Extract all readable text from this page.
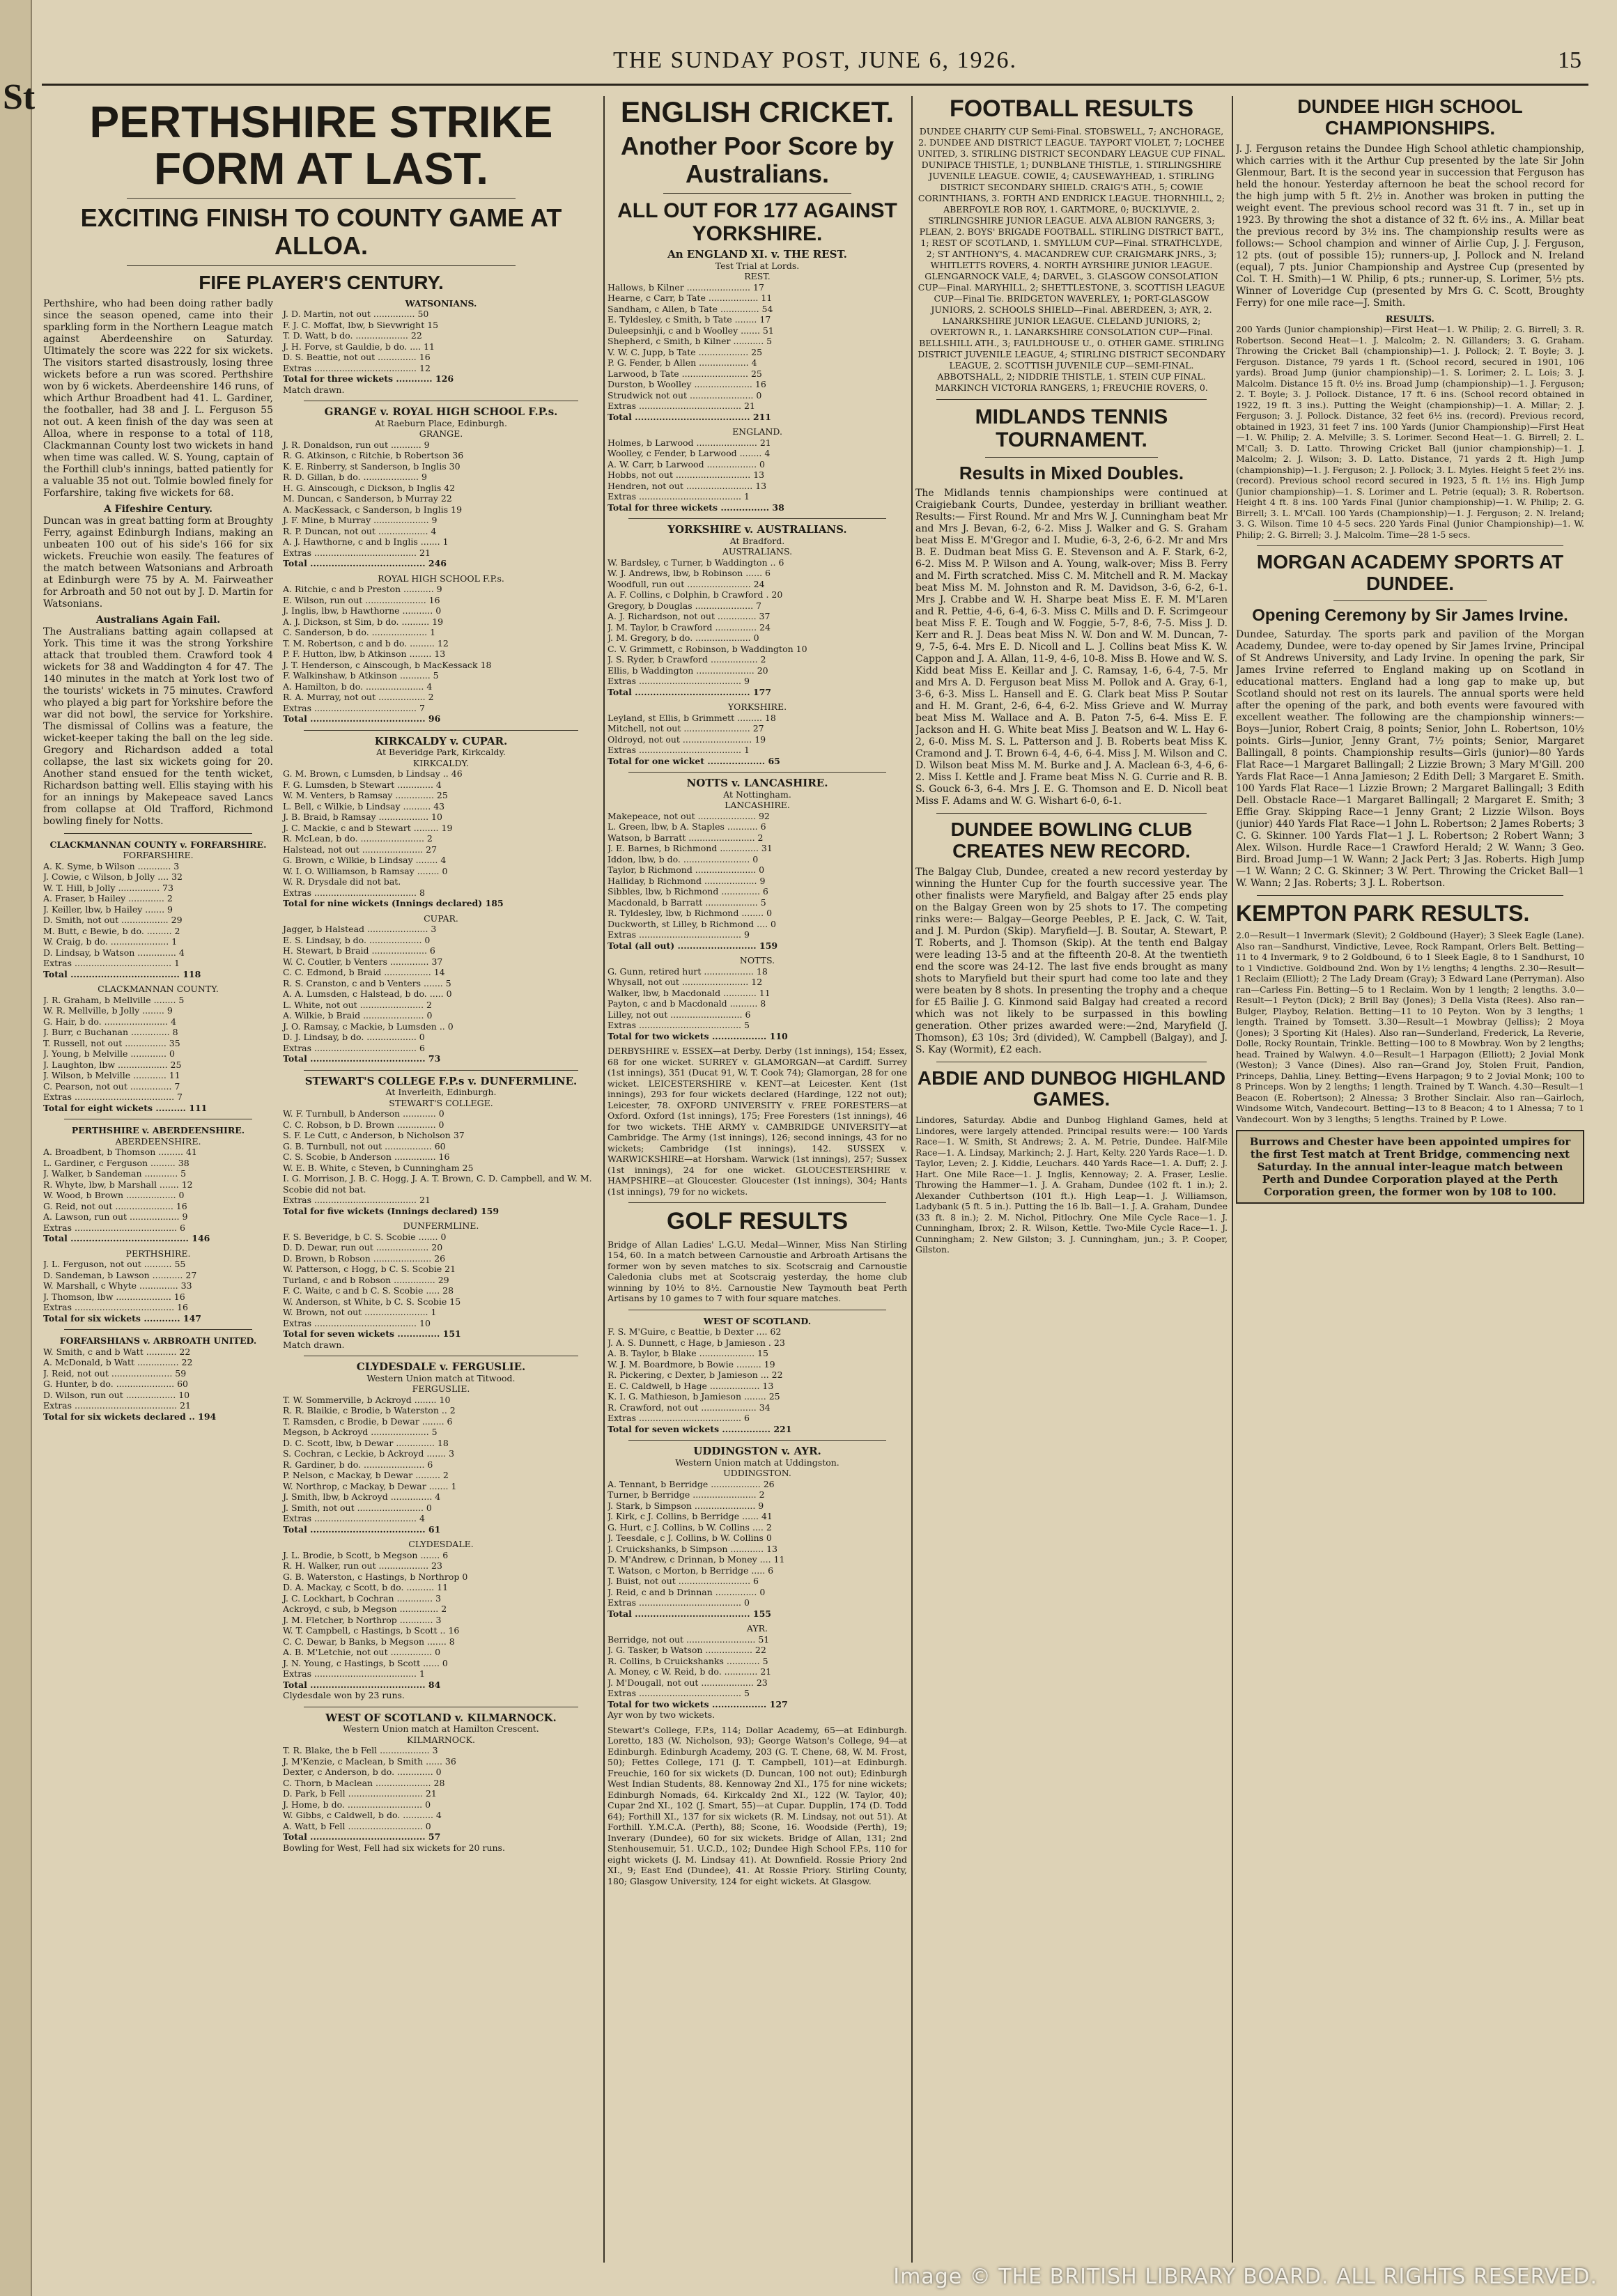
St
THE SUNDAY POST, JUNE 6, 1926.	15
PERTHSHIRE STRIKE FORM AT LAST.
EXCITING FINISH TO COUNTY GAME AT ALLOA.
FIFE PLAYER'S CENTURY.
Perthshire, who had been doing rather badly since the season opened, came into their sparkling form in the Northern League match against Aberdeenshire on Saturday. Ultimately the score was 222 for six wickets. The visitors started disastrously, losing three wickets before a run was scored. Perthshire won by 6 wickets. Aberdeenshire 146 runs, of which Arthur Broadbent had 41. L. Gardiner, the footballer, had 38 and J. L. Ferguson 55 not out. A keen finish of the day was seen at Alloa, where in response to a total of 118, Clackmannan County lost two wickets in hand when time was called. W. S. Young, captain of the Forthill club's innings, batted patiently for a valuable 35 not out. Tolmie bowled finely for Forfarshire, taking five wickets for 68.
A Fifeshire Century.
Duncan was in great batting form at Broughty Ferry, against Edinburgh Indians, making an unbeaten 100 out of his side's 166 for six wickets. Freuchie won easily. The features of the match between Watsonians and Arbroath at Edinburgh were 75 by A. M. Fairweather for Arbroath and 50 not out by J. D. Martin for Watsonians.
Australians Again Fail.
The Australians batting again collapsed at York. This time it was the strong Yorkshire attack that troubled them. Crawford took 4 wickets for 38 and Waddington 4 for 47. The 140 minutes in the match at York lost two of the tourists' wickets in 75 minutes. Crawford who played a big part for Yorkshire before the war did not bowl, the service for Yorkshire. The dismissal of Collins was a feature, the wicket-keeper taking the ball on the leg side. Gregory and Richardson added a total collapse, the last six wickets going for 20. Another stand ensued for the tenth wicket, Richardson batting well. Ellis staying with his for an innings by Makepeace saved Lancs from collapse at Old Trafford, Richmond bowling finely for Notts.
CLACKMANNAN COUNTY v. FORFARSHIRE.
FORFARSHIRE.
A. K. Syme, b Wilson ............ 3
J. Cowie, c Wilson, b Jolly .... 32
W. T. Hill, b Jolly ............... 73
A. Fraser, b Hailey ............. 2
J. Keiller, lbw, b Hailey ....... 9
D. Smith, not out ................. 29
M. Butt, c Bewie, b do. ......... 2
W. Craig, b do. ..................... 1
D. Lindsay, b Watson .............. 4
Extras ................................... 1
Total .................................... 118
CLACKMANNAN COUNTY.
J. R. Graham, b Mellville ........ 5
W. R. Mellville, b Jolly ........ 9
G. Hair, b do. ....................... 4
J. Burr, c Buchanan .............. 8
T. Russell, not out ............... 35
J. Young, b Melville ............. 0
J. Laughton, lbw .................. 25
J. Wilson, b Melville ............ 11
C. Pearson, not out ............... 7
Extras .................................... 7
Total for eight wickets .......... 111
PERTHSHIRE v. ABERDEENSHIRE.
ABERDEENSHIRE.
A. Broadbent, b Thomson ......... 41
L. Gardiner, c Ferguson ......... 38
J. Walker, b Sandeman ............ 5
R. Whyte, lbw, b Marshall ....... 12
W. Wood, b Brown .................. 0
G. Reid, not out ..................... 16
A. Lawson, run out .................. 9
Extras ..................................... 6
Total ....................................... 146
PERTHSHIRE.
J. L. Ferguson, not out .......... 55
D. Sandeman, b Lawson ........... 27
W. Marshall, c Whyte .............. 33
J. Thomson, lbw .................... 16
Extras .................................... 16
Total for six wickets ............ 147
FORFARSHIANS v. ARBROATH UNITED.
W. Smith, c and b Watt ........... 22
A. McDonald, b Watt ............... 22
J. Reid, not out ...................... 59
G. Hunter, b do. ..................... 60
D. Wilson, run out .................. 10
Extras ..................................... 21
Total for six wickets declared .. 194
WATSONIANS.
J. D. Martin, not out ............... 50
F. J. C. Moffat, lbw, b Sievwright 15
T. D. Watt, b do. ................... 22
J. H. Forve, st Gauldie, b do. .... 11
D. S. Beattie, not out .............. 16
Extras ..................................... 12
Total for three wickets ............ 126
Match drawn.
GRANGE v. ROYAL HIGH SCHOOL F.P.s.
At Raeburn Place, Edinburgh.
GRANGE.
J. R. Donaldson, run out ........... 9
R. G. Atkinson, c Ritchie, b Robertson 36
K. E. Rinberry, st Sanderson, b Inglis 30
R. D. Gillan, b do. .................... 9
H. G. Ainscough, c Dickson, b Inglis 42
M. Duncan, c Sanderson, b Murray 22
A. MacKessack, c Sanderson, b Inglis 19
J. F. Mine, b Murray .................... 9
R. P. Duncan, not out .................. 4
A. J. Hawthorne, c and b Inglis ....... 1
Extras ..................................... 21
Total ...................................... 246
ROYAL HIGH SCHOOL F.P.s.
A. Ritchie, c and b Preston ........... 9
E. Wilson, run out ...................... 16
J. Inglis, lbw, b Hawthorne ........... 0
A. J. Dickson, st Sim, b do. .......... 19
C. Sanderson, b do. .................... 1
T. M. Robertson, c and b do. ......... 12
P. F. Hutton, lbw, b Atkinson ........ 13
J. T. Henderson, c Ainscough, b MacKessack 18
F. Walkinshaw, b Atkinson ........... 5
A. Hamilton, b do. ..................... 4
R. A. Murray, not out ................. 2
Extras ..................................... 7
Total ...................................... 96
KIRKCALDY v. CUPAR.
At Beveridge Park, Kirkcaldy.
KIRKCALDY.
G. M. Brown, c Lumsden, b Lindsay .. 46
F. G. Lumsden, b Stewart ............. 4
W. M. Venters, b Ramsay .............. 25
L. Bell, c Wilkie, b Lindsay .......... 43
J. B. Braid, b Ramsay .................. 10
J. C. Mackie, c and b Stewart ......... 19
R. McLean, b do. ....................... 2
Halstead, not out ...................... 27
G. Brown, c Wilkie, b Lindsay ........ 4
W. I. O. Williamson, b Ramsay ........ 0
W. R. Drysdale did not bat.
Extras ..................................... 8
Total for nine wickets (Innings declared) 185
CUPAR.
Jagger, b Halstead ...................... 3
E. S. Lindsay, b do. ................... 0
H. Stewart, b Braid .................... 6
W. C. Coutler, b Venters .............. 37
C. C. Edmond, b Braid ................. 14
R. S. Cranston, c and b Venters ....... 5
A. A. Lumsden, c Halstead, b do. ..... 0
L. White, not out ....................... 2
A. Wilkie, b Braid ...................... 0
J. O. Ramsay, c Mackie, b Lumsden .. 0
D. J. Lindsay, b do. .................. 0
Extras ..................................... 6
Total ...................................... 73
STEWART'S COLLEGE F.P.s v. DUNFERMLINE.
At Inverleith, Edinburgh.
STEWART'S COLLEGE.
W. F. Turnbull, b Anderson ............ 0
C. C. Robson, b D. Brown .............. 0
S. F. Le Cutt, c Anderson, b Nicholson 37
G. B. Turnbull, not out ................. 60
C. S. Scobie, b Anderson ............... 16
W. E. B. White, c Steven, b Cunningham 25
I. G. Morrison, J. B. C. Hogg, J. A. T. Brown, C. D. Campbell, and W. M. Scobie did not bat.
Extras ..................................... 21
Total for five wickets (Innings declared) 159
DUNFERMLINE.
F. S. Beveridge, b C. S. Scobie ....... 0
D. D. Dewar, run out ................... 20
D. Brown, b Robson ..................... 26
W. Patterson, c Hogg, b C. S. Scobie 21
Turland, c and b Robson ............... 29
F. C. Waite, c and b C. S. Scobie ..... 28
W. Anderson, st White, b C. S. Scobie 15
W. Brown, not out ....................... 1
Extras ..................................... 10
Total for seven wickets .............. 151
Match drawn.
CLYDESDALE v. FERGUSLIE.
Western Union match at Titwood.
FERGUSLIE.
T. W. Sommerville, b Ackroyd ........ 10
R. R. Blaikie, c Brodie, b Waterston .. 2
T. Ramsden, c Brodie, b Dewar ........ 6
Megson, b Ackroyd ..................... 5
D. C. Scott, lbw, b Dewar .............. 18
S. Cochran, c Leckie, b Ackroyd ....... 3
R. Gardiner, b do. ...................... 6
P. Nelson, c Mackay, b Dewar ......... 2
W. Northrop, c Mackay, b Dewar ....... 1
J. Smith, lbw, b Ackroyd ............... 4
J. Smith, not out ........................ 0
Extras ..................................... 4
Total ...................................... 61
CLYDESDALE.
J. L. Brodie, b Scott, b Megson ....... 6
R. H. Walker, run out .................. 23
G. B. Waterston, c Hastings, b Northrop 0
D. A. Mackay, c Scott, b do. .......... 11
J. C. Lockhart, b Cochran ............. 3
Ackroyd, c sub, b Megson .............. 2
J. M. Fletcher, b Northrop ............ 3
W. T. Campbell, c Hastings, b Scott .. 16
C. C. Dewar, b Banks, b Megson ....... 8
A. B. M'Letchie, not out ............... 0
J. N. Young, c Hastings, b Scott ...... 0
Extras ..................................... 1
Total ...................................... 84
Clydesdale won by 23 runs.
WEST OF SCOTLAND v. KILMARNOCK.
Western Union match at Hamilton Crescent.
KILMARNOCK.
T. R. Blake, the b Fell .................. 3
J. M'Kenzie, c Maclean, b Smith ...... 36
Dexter, c Anderson, b do. ............. 0
C. Thorn, b Maclean .................... 28
D. Park, b Fell ........................... 21
J. Home, b do. ........................... 0
W. Gibbs, c Caldwell, b do. ........... 4
A. Watt, b Fell ........................... 0
Total ...................................... 57
Bowling for West, Fell had six wickets for 20 runs.
ENGLISH CRICKET.
Another Poor Score by Australians.
ALL OUT FOR 177 AGAINST YORKSHIRE.
An ENGLAND XI. v. THE REST.
Test Trial at Lords.
REST.
Hallows, b Kilner ....................... 17
Hearne, c Carr, b Tate .................. 11
Sandham, c Allen, b Tate .............. 54
E. Tyldesley, c Smith, b Tate ........ 17
Duleepsinhji, c and b Woolley ....... 51
Shepherd, c Smith, b Kilner ........... 5
V. W. C. Jupp, b Tate .................. 25
P. G. Fender, b Allen .................. 4
Larwood, b Tate ........................ 25
Durston, b Woolley ..................... 16
Strudwick not out ....................... 0
Extras ..................................... 21
Total ...................................... 211
ENGLAND.
Holmes, b Larwood ...................... 21
Woolley, c Fender, b Larwood ........ 4
A. W. Carr, b Larwood .................. 0
Hobbs, not out ........................... 13
Hendren, not out ........................ 13
Extras ..................................... 1
Total for three wickets ................ 38
YORKSHIRE v. AUSTRALIANS.
At Bradford.
AUSTRALIANS.
W. Bardsley, c Turner, b Waddington .. 6
W. J. Andrews, lbw, b Robinson ...... 6
Woodfull, run out ....................... 24
A. F. Collins, c Dolphin, b Crawford . 20
Gregory, b Douglas ..................... 7
A. J. Richardson, not out .............. 37
J. M. Taylor, b Crawford ............... 24
J. M. Gregory, b do. .................... 0
C. V. Grimmett, c Robinson, b Waddington 10
J. S. Ryder, b Crawford ................. 2
Ellis, b Waddington ..................... 20
Extras ..................................... 9
Total ...................................... 177
YORKSHIRE.
Leyland, st Ellis, b Grimmett ......... 18
Mitchell, not out ........................ 27
Oldroyd, not out ......................... 19
Extras ..................................... 1
Total for one wicket ................... 65
NOTTS v. LANCASHIRE.
At Nottingham.
LANCASHIRE.
Makepeace, not out ..................... 92
L. Green, lbw, b A. Staples ........... 6
Watson, b Barratt ........................ 2
J. E. Barnes, b Richmond .............. 31
Iddon, lbw, b do. ........................ 0
Taylor, b Richmond ...................... 0
Halliday, b Richmond ................... 9
Sibbles, lbw, b Richmond .............. 6
Macdonald, b Barratt ................... 5
R. Tyldesley, lbw, b Richmond ........ 0
Duckworth, st Lilley, b Richmond .... 0
Extras ..................................... 9
Total (all out) .......................... 159
NOTTS.
G. Gunn, retired hurt .................. 18
Whysall, not out ........................ 12
Walker, lbw, b Macdonald ............ 11
Payton, c and b Macdonald .......... 8
Lilley, not out .......................... 6
Extras ..................................... 5
Total for two wickets .................. 110
DERBYSHIRE v. ESSEX—at Derby. Derby (1st innings), 154; Essex, 68 for one wicket. SURREY v. GLAMORGAN—at Cardiff. Surrey (1st innings), 351 (Ducat 91, W. T. Cook 74); Glamorgan, 28 for one wicket. LEICESTERSHIRE v. KENT—at Leicester. Kent (1st innings), 293 for four wickets declared (Hardinge, 122 not out); Leicester, 78. OXFORD UNIVERSITY v. FREE FORESTERS—at Oxford. Oxford (1st innings), 175; Free Foresters (1st innings), 46 for two wickets. THE ARMY v. CAMBRIDGE UNIVERSITY—at Cambridge. The Army (1st innings), 126; second innings, 43 for no wickets; Cambridge (1st innings), 142. SUSSEX v. WARWICKSHIRE—at Horsham. Warwick (1st innings), 257; Sussex (1st innings), 24 for one wicket. GLOUCESTERSHIRE v. HAMPSHIRE—at Gloucester. Gloucester (1st innings), 304; Hants (1st innings), 79 for no wickets.
GOLF RESULTS
Bridge of Allan Ladies' L.G.U. Medal—Winner, Miss Nan Stirling 154, 60. In a match between Carnoustie and Arbroath Artisans the former won by seven matches to six. Scotscraig and Carnoustie Caledonia clubs met at Scotscraig yesterday, the home club winning by 10½ to 8½. Carnoustie New Taymouth beat Perth Artisans by 10 games to 7 with four square matches.
WEST OF SCOTLAND.
F. S. M'Guire, c Beattie, b Dexter .... 62
J. A. S. Dunnett, c Hage, b Jamieson . 23
A. B. Taylor, b Blake .................... 15
W. J. M. Boardmore, b Bowie ......... 19
R. Pickering, c Dexter, b Jamieson ... 22
E. C. Caldwell, b Hage .................. 13
K. I. G. Mathieson, b Jamieson ........ 25
R. Crawford, not out .................... 34
Extras ..................................... 6
Total for seven wickets ................ 221
UDDINGSTON v. AYR.
Western Union match at Uddingston.
UDDINGSTON.
A. Tennant, b Berridge .................. 26
Turner, b Berridge ....................... 2
J. Stark, b Simpson ...................... 9
J. Kirk, c J. Collins, b Berridge ...... 41
G. Hurt, c J. Collins, b W. Collins .... 2
J. Teesdale, c J. Collins, b W. Collins 0
J. Cruickshanks, b Simpson ............ 13
D. M'Andrew, c Drinnan, b Money .... 11
T. Watson, c Morton, b Berridge ..... 6
J. Buist, not out .......................... 6
J. Reid, c and b Drinnan ............... 0
Extras ..................................... 0
Total ...................................... 155
AYR.
Berridge, not out ......................... 51
J. G. Tasker, b Watson ................. 22
R. Collins, b Cruickshanks ............ 5
A. Money, c W. Reid, b do. ............ 21
J. M'Dougall, not out ................... 23
Extras ..................................... 5
Total for two wickets .................. 127
Ayr won by two wickets.
Stewart's College, F.P.s, 114; Dollar Academy, 65—at Edinburgh. Loretto, 183 (W. Nicholson, 93); George Watson's College, 94—at Edinburgh. Edinburgh Academy, 203 (G. T. Chene, 68, W. M. Frost, 50); Fettes College, 171 (J. T. Campbell, 101)—at Edinburgh. Freuchie, 160 for six wickets (D. Duncan, 100 not out); Edinburgh West Indian Students, 88. Kennoway 2nd XI., 175 for nine wickets; Edinburgh Nomads, 64. Kirkcaldy 2nd XI., 122 (W. Taylor, 40); Cupar 2nd XI., 102 (J. Smart, 55)—at Cupar. Dupplin, 174 (D. Todd 64); Forthill XI., 137 for six wickets (R. M. Lindsay, not out 51). At Forthill. Y.M.C.A. (Perth), 88; Scone, 16. Woodside (Perth), 19; Inverary (Dundee), 60 for six wickets. Bridge of Allan, 131; 2nd Stenhousemuir, 51. U.C.D., 102; Dundee High School F.P.s, 110 for eight wickets (J. M. Lindsay 41). At Downfield. Rossie Priory 2nd XI., 9; East End (Dundee), 41. At Rossie Priory. Stirling County, 180; Glasgow University, 124 for eight wickets. At Glasgow.
FOOTBALL RESULTS
DUNDEE CHARITY CUP Semi-Final. STOBSWELL, 7; ANCHORAGE, 2. DUNDEE AND DISTRICT LEAGUE. TAYPORT VIOLET, 7; LOCHEE UNITED, 3. STIRLING DISTRICT SECONDARY LEAGUE CUP FINAL. DUNIPACE THISTLE, 1; DUNBLANE THISTLE, 1. STIRLINGSHIRE JUVENILE LEAGUE. COWIE, 4; CAUSEWAYHEAD, 1. STIRLING DISTRICT SECONDARY SHIELD. CRAIG'S ATH., 5; COWIE CORINTHIANS, 3. FORTH AND ENDRICK LEAGUE. THORNHILL, 2; ABERFOYLE ROB ROY, 1. GARTMORE, 0; BUCKLYVIE, 2. STIRLINGSHIRE JUNIOR LEAGUE. ALVA ALBION RANGERS, 3; PLEAN, 2. BOYS' BRIGADE FOOTBALL. STIRLING DISTRICT BATT., 1; REST OF SCOTLAND, 1. SMYLLUM CUP—Final. STRATHCLYDE, 2; ST ANTHONY'S, 4. MACANDREW CUP. CRAIGMARK JNRS., 3; WHITLETTS ROVERS, 4. NORTH AYRSHIRE JUNIOR LEAGUE. GLENGARNOCK VALE, 4; DARVEL, 3. GLASGOW CONSOLATION CUP—Final. MARYHILL, 2; SHETTLESTONE, 3. SCOTTISH LEAGUE CUP—Final Tie. BRIDGETON WAVERLEY, 1; PORT-GLASGOW JUNIORS, 2. SCHOOLS SHIELD—Final. ABERDEEN, 3; AYR, 2. LANARKSHIRE JUNIOR LEAGUE. CLELAND JUNIORS, 2; OVERTOWN R., 1. LANARKSHIRE CONSOLATION CUP—Final. BELLSHILL ATH., 3; FAULDHOUSE U., 0. OTHER GAME. STIRLING DISTRICT JUVENILE LEAGUE, 4; STIRLING DISTRICT SECONDARY LEAGUE, 2. SCOTTISH JUVENILE CUP—SEMI-FINAL. ABBOTSHALL, 2; NIDDRIE THISTLE, 1. STEIN CUP FINAL. MARKINCH VICTORIA RANGERS, 1; FREUCHIE ROVERS, 0.
MIDLANDS TENNIS TOURNAMENT.
Results in Mixed Doubles.
The Midlands tennis championships were continued at Craigiebank Courts, Dundee, yesterday in brilliant weather. Results:— First Round. Mr and Mrs W. J. Cunningham beat Mr and Mrs J. Bevan, 6-2, 6-2. Miss J. Walker and G. S. Graham beat Miss E. M'Gregor and I. Mudie, 6-3, 2-6, 6-2. Mr and Mrs B. E. Dudman beat Miss G. E. Stevenson and A. F. Stark, 6-2, 6-2. Miss M. P. Wilson and A. Young, walk-over; Miss B. Ferry and M. Firth scratched. Miss C. M. Mitchell and R. M. Mackay beat Miss M. M. Johnston and R. M. Davidson, 3-6, 6-2, 6-1. Mrs J. Crabbe and W. H. Sharpe beat Miss E. F. M. M'Laren and R. Pettie, 4-6, 6-4, 6-3. Miss C. Mills and D. F. Scrimgeour beat Miss F. E. Tough and W. Foggie, 5-7, 8-6, 7-5. Miss J. D. Kerr and R. J. Deas beat Miss N. W. Don and W. M. Duncan, 7-9, 7-5, 6-4. Mrs E. D. Nicoll and L. J. Collins beat Miss K. W. Cappon and J. A. Allan, 11-9, 4-6, 10-8. Miss B. Howe and W. S. Kidd beat Miss E. Keillar and J. C. Ramsay, 1-6, 6-4, 7-5. Mr and Mrs A. D. Ferguson beat Miss M. Pollok and A. Gray, 6-1, 3-6, 6-3. Miss L. Hansell and E. G. Clark beat Miss P. Soutar and H. M. Grant, 2-6, 6-4, 6-2. Miss Grieve and W. Murray beat Miss M. Wallace and A. B. Paton 7-5, 6-4. Miss E. F. Jackson and H. G. White beat Miss J. Beatson and W. L. Hay 6-2, 6-0. Miss M. S. L. Patterson and J. B. Roberts beat Miss K. Cramond and J. T. Brown 6-4, 4-6, 6-4. Miss J. M. Wilson and C. D. Wilson beat Miss M. M. Burke and J. A. Maclean 6-3, 4-6, 6-2. Miss I. Kettle and J. Frame beat Miss N. G. Currie and R. B. S. Gouck 6-3, 6-4. Mrs J. E. G. Thomson and E. D. Nicoll beat Miss F. Adams and W. G. Wishart 6-0, 6-1.
DUNDEE BOWLING CLUB CREATES NEW RECORD.
The Balgay Club, Dundee, created a new record yesterday by winning the Hunter Cup for the fourth successive year. The other finalists were Maryfield, and Balgay after 25 ends play on the Balgay Green won by 25 shots to 17. The competing rinks were:— Balgay—George Peebles, P. E. Jack, C. W. Tait, and J. M. Purdon (Skip). Maryfield—J. B. Soutar, A. Stewart, P. T. Roberts, and J. Thomson (Skip). At the tenth end Balgay were leading 13-5 and at the fifteenth 20-8. At the twentieth end the score was 24-12. The last five ends brought as many shots to Maryfield but their spurt had come too late and they were beaten by 8 shots. In presenting the trophy and a cheque for £5 Bailie J. G. Kinmond said Balgay had created a record which was not likely to be surpassed in this bowling generation. Other prizes awarded were:—2nd, Maryfield (J. Thomson), £3 10s; 3rd (divided), W. Campbell (Balgay), and J. S. Kay (Wormit), £2 each.
ABDIE AND DUNBOG HIGHLAND GAMES.
Lindores, Saturday. Abdie and Dunbog Highland Games, held at Lindores, were largely attended. Principal results were:— 100 Yards Race—1. W. Smith, St Andrews; 2. A. M. Petrie, Dundee. Half-Mile Race—1. A. Lindsay, Markinch; 2. J. Hart, Kelty. 220 Yards Race—1. D. Taylor, Leven; 2. J. Kiddie, Leuchars. 440 Yards Race—1. A. Duff; 2. J. Hart. One Mile Race—1. J. Inglis, Kennoway; 2. A. Fraser, Leslie. Throwing the Hammer—1. J. A. Graham, Dundee (102 ft. 1 in.); 2. Alexander Cuthbertson (101 ft.). High Leap—1. J. Williamson, Ladybank (5 ft. 5 in.). Putting the 16 lb. Ball—1. J. A. Graham, Dundee (33 ft. 8 in.); 2. M. Nichol, Pitlochry. One Mile Cycle Race—1. J. Cunningham, Ibrox; 2. R. Wilson, Kettle. Two-Mile Cycle Race—1. J. Cunningham; 2. New Gilston; 3. J. Cunningham, jun.; 3. P. Cooper, Gilston.
DUNDEE HIGH SCHOOL CHAMPIONSHIPS.
J. J. Ferguson retains the Dundee High School athletic championship, which carries with it the Arthur Cup presented by the late Sir John Glenmour, Bart. It is the second year in succession that Ferguson has held the honour. Yesterday afternoon he beat the school record for the high jump with 5 ft. 2½ in. Another was broken in putting the weight event. The previous school record was 31 ft. 7 in., set up in 1923. By throwing the shot a distance of 32 ft. 6½ ins., A. Millar beat the previous record by 3½ ins. The championship results were as follows:— School champion and winner of Airlie Cup, J. J. Ferguson, 12 pts. (out of possible 15); runners-up, J. Pollock and N. Ireland (equal), 7 pts. Junior Championship and Aystree Cup (presented by Col. T. H. Smith)—1 W. Philip, 6 pts.; runner-up, S. Lorimer, 5½ pts. Winner of Loveridge Cup (presented by Mrs G. C. Scott, Broughty Ferry) for one mile race—J. Smith.
RESULTS.
200 Yards (Junior championship)—First Heat—1. W. Philip; 2. G. Birrell; 3. R. Robertson. Second Heat—1. J. Malcolm; 2. N. Gillanders; 3. G. Graham. Throwing the Cricket Ball (championship)—1. J. Pollock; 2. T. Boyle; 3. J. Ferguson. Distance, 79 yards 1 ft. (School record, secured in 1901, 106 yards). Broad Jump (junior championship)—1. S. Lorimer; 2. L. Lois; 3. J. Malcolm. Distance 15 ft. 0½ ins. Broad Jump (championship)—1. J. Ferguson; 2. T. Boyle; 3. J. Pollock. Distance, 17 ft. 6 ins. (School record obtained in 1922, 19 ft. 3 ins.). Putting the Weight (championship)—1. A. Millar; 2. J. Ferguson; 3. J. Pollock. Distance, 32 feet 6½ ins. (record). Previous record, obtained in 1923, 31 feet 7 ins. 100 Yards (Junior Championship)—First Heat—1. W. Philip; 2. A. Melville; 3. S. Lorimer. Second Heat—1. G. Birrell; 2. L. M'Call; 3. D. Latto. Throwing Cricket Ball (junior championship)—1. J. Malcolm; 2. J. Wilson; 3. D. Latto. Distance, 71 yards 2 ft. High Jump (championship)—1. J. Ferguson; 2. J. Pollock; 3. L. Myles. Height 5 feet 2½ ins. (record). Previous school record secured in 1923, 5 ft. 1½ ins. High Jump (Junior championship)—1. S. Lorimer and L. Petrie (equal); 3. R. Robertson. Height 4 ft. 8 ins. 100 Yards Final (Junior championship)—1. W. Philip; 2. G. Birrell; 3. L. M'Call. 100 Yards (Championship)—1. J. Ferguson; 2. N. Ireland; 3. G. Wilson. Time 10 4-5 secs. 220 Yards Final (Junior Championship)—1. W. Philip; 2. G. Birrell; 3. J. Malcolm. Time—28 1-5 secs.
MORGAN ACADEMY SPORTS AT DUNDEE.
Opening Ceremony by Sir James Irvine.
Dundee, Saturday. The sports park and pavilion of the Morgan Academy, Dundee, were to-day opened by Sir James Irvine, Principal of St Andrews University, and Lady Irvine. In opening the park, Sir James Irvine referred to England making up on Scotland in educational matters. England had a long gap to make up, but Scotland should not rest on its laurels. The annual sports were held after the opening of the park, and both events were favoured with excellent weather. The following are the championship winners:—Boys—Junior, Robert Craig, 8 points; Senior, John L. Robertson, 10½ points. Girls—Junior, Jenny Grant, 7½ points; Senior, Margaret Ballingall, 8 points. Championship results—Girls (junior)—80 Yards Flat Race—1 Margaret Ballingall; 2 Lizzie Brown; 3 Mary M'Gill. 200 Yards Flat Race—1 Anna Jamieson; 2 Edith Dell; 3 Margaret E. Smith. 100 Yards Flat Race—1 Lizzie Brown; 2 Margaret Ballingall; 3 Edith Dell. Obstacle Race—1 Margaret Ballingall; 2 Margaret E. Smith; 3 Effie Gray. Skipping Race—1 Jenny Grant; 2 Lizzie Wilson. Boys (junior) 440 Yards Flat Race—1 John L. Robertson; 2 James Roberts; 3 C. G. Skinner. 100 Yards Flat—1 J. L. Robertson; 2 Robert Wann; 3 Alex. Wilson. Hurdle Race—1 Crawford Herald; 2 W. Wann; 3 Geo. Bird. Broad Jump—1 W. Wann; 2 Jack Pert; 3 Jas. Roberts. High Jump—1 W. Wann; 2 C. G. Skinner; 3 W. Pert. Throwing the Cricket Ball—1 W. Wann; 2 Jas. Roberts; 3 J. L. Robertson.
KEMPTON PARK RESULTS.
2.0—Result—1 Invermark (Slevit); 2 Goldbound (Hayer); 3 Sleek Eagle (Lane). Also ran—Sandhurst, Vindictive, Levee, Rock Rampant, Orlers Belt. Betting—11 to 4 Invermark, 9 to 2 Goldbound, 6 to 1 Sleek Eagle, 8 to 1 Sandhurst, 10 to 1 Vindictive. Goldbound 2nd. Won by 1½ lengths; 4 lengths. 2.30—Result—1 Reclaim (Elliott); 2 The Lady Dream (Gray); 3 Edward Lane (Perryman). Also ran—Carless Fin. Betting—5 to 1 Reclaim. Won by 1 length; 2 lengths. 3.0—Result—1 Peyton (Dick); 2 Brill Bay (Jones); 3 Della Vista (Rees). Also ran—Bulger, Playboy, Relation. Betting—11 to 10 Peyton. Won by 3 lengths; 1 length. Trained by Tomsett. 3.30—Result—1 Mowbray (Jelliss); 2 Moya (Jones); 3 Sporting Kit (Hales). Also ran—Sunderland, Frederick, La Reverie, Dolle, Rocky Rountain, Trinkle. Betting—100 to 8 Mowbray. Won by 2 lengths; head. Trained by Walwyn. 4.0—Result—1 Harpagon (Elliott); 2 Jovial Monk (Weston); 3 Vance (Dines). Also ran—Grand Joy, Stolen Fruit, Pandion, Princeps, Dahlia, Liney. Betting—Evens Harpagon; 9 to 2 Jovial Monk; 100 to 8 Princeps. Won by 2 lengths; 1 length. Trained by T. Wanch. 4.30—Result—1 Beacon (E. Robertson); 2 Alnessa; 3 Brother Sinclair. Also ran—Gairloch, Windsome Witch, Vandecourt. Betting—13 to 8 Beacon; 4 to 1 Alnessa; 7 to 1 Vandecourt. Won by 3 lengths; 5 lengths. Trained by P. Lowe.
Burrows and Chester have been appointed umpires for the first Test match at Trent Bridge, commencing next Saturday. In the annual inter-league match between Perth and Dundee Corporation played at the Perth Corporation green, the former won by 108 to 100.
Image © THE BRITISH LIBRARY BOARD. ALL RIGHTS RESERVED.
